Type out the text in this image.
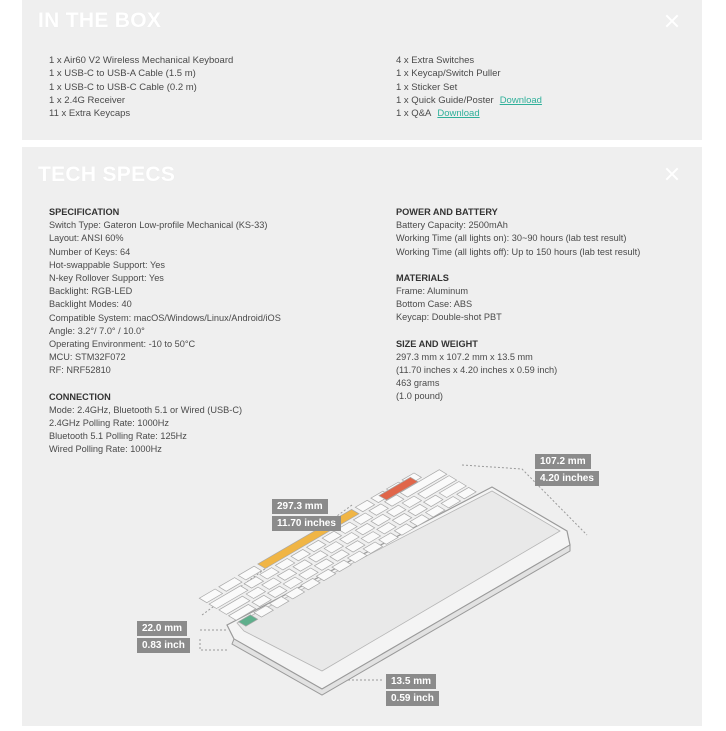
IN THE BOX
1 x Air60 V2 Wireless Mechanical Keyboard
1 x USB-C to USB-A Cable (1.5 m)
1 x USB-C to USB-C Cable (0.2 m)
1 x 2.4G Receiver
11 x Extra Keycaps
4 x Extra Switches
1 x Keycap/Switch Puller
1 x Sticker Set
1 x Quick Guide/Poster Download
1 x Q&A Download
TECH SPECS
SPECIFICATION
Switch Type: Gateron Low-profile Mechanical (KS-33)
Layout: ANSI 60%
Number of Keys: 64
Hot-swappable Support: Yes
N-key Rollover Support: Yes
Backlight: RGB-LED
Backlight Modes: 40
Compatible System: macOS/Windows/Linux/Android/iOS
Angle: 3.2°/ 7.0° / 10.0°
Operating Environment: -10 to 50°C
MCU: STM32F072
RF: NRF52810
CONNECTION
Mode: 2.4GHz, Bluetooth 5.1 or Wired (USB-C)
2.4GHz Polling Rate: 1000Hz
Bluetooth 5.1 Polling Rate: 125Hz
Wired Polling Rate: 1000Hz
POWER AND BATTERY
Battery Capacity: 2500mAh
Working Time (all lights on): 30~90 hours (lab test result)
Working Time (all lights off): Up to 150 hours (lab test result)
MATERIALS
Frame: Aluminum
Bottom Case: ABS
Keycap: Double-shot PBT
SIZE AND WEIGHT
297.3 mm x 107.2 mm x 13.5 mm
(11.70 inches x 4.20 inches x 0.59 inch)
463 grams
(1.0 pound)
297.3 mm
11.70 inches
107.2 mm
4.20 inches
22.0 mm
0.83 inch
13.5 mm
0.59 inch
